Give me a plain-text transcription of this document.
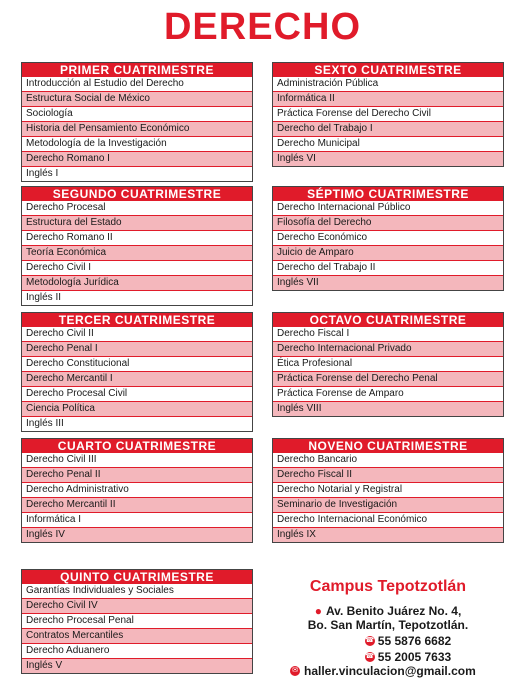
DERECHO
PRIMER CUATRIMESTRE
Introducción al Estudio del Derecho
Estructura Social de México
Sociología
Historia del Pensamiento Económico
Metodología de la Investigación
Derecho Romano I
Inglés I
SEGUNDO CUATRIMESTRE
Derecho Procesal
Estructura del Estado
Derecho Romano II
Teoría Económica
Derecho Civil I
Metodología Jurídica
Inglés II
TERCER CUATRIMESTRE
Derecho Civil II
Derecho Penal I
Derecho Constitucional
Derecho Mercantil I
Derecho Procesal Civil
Ciencia Política
Inglés III
CUARTO CUATRIMESTRE
Derecho Civil III
Derecho Penal II
Derecho Administrativo
Derecho Mercantil II
Informática I
Inglés IV
QUINTO CUATRIMESTRE
Garantías Individuales y Sociales
Derecho Civil IV
Derecho Procesal Penal
Contratos Mercantiles
Derecho Aduanero
Inglés V
SEXTO CUATRIMESTRE
Administración Pública
Informática II
Práctica Forense del Derecho Civil
Derecho del Trabajo I
Derecho Municipal
Inglés VI
SÉPTIMO CUATRIMESTRE
Derecho Internacional Público
Filosofía del Derecho
Derecho Económico
Juicio de Amparo
Derecho del Trabajo II
Inglés VII
OCTAVO CUATRIMESTRE
Derecho Fiscal I
Derecho Internacional Privado
Ética Profesional
Práctica Forense del Derecho Penal
Práctica Forense de Amparo
Inglés VIII
NOVENO CUATRIMESTRE
Derecho Bancario
Derecho Fiscal II
Derecho Notarial y Registral
Seminario de Investigación
Derecho Internacional Económico
Inglés IX
Campus Tepotzotlán
● Av. Benito Juárez No. 4,
Bo. San Martín, Tepotzotlán.
☎ 55 5876 6682
☎ 55 2005 7633
✉ haller.vinculacion@gmail.com
